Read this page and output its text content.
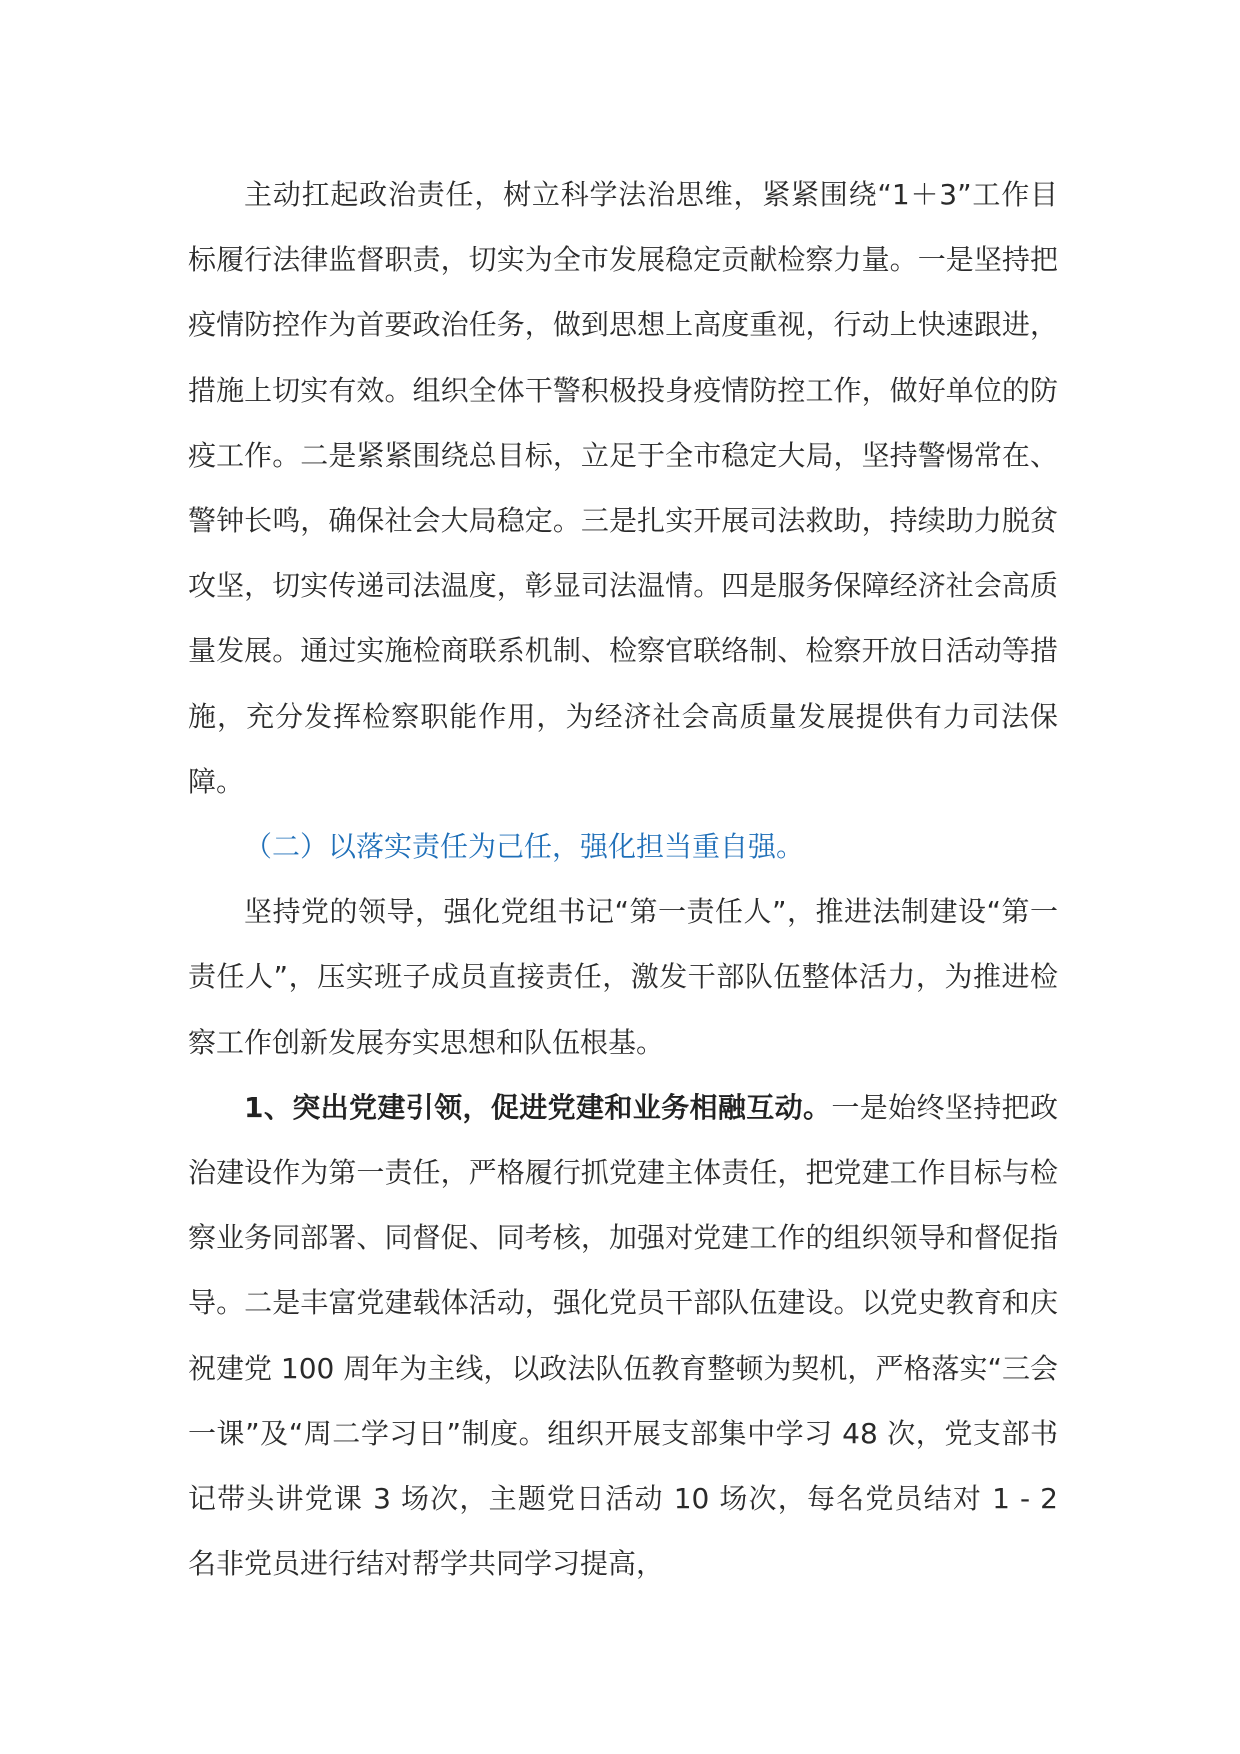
主动扛起政治责任，树立科学法治思维，紧紧围绕“1＋3”工作目标履行法律监督职责，切实为全市发展稳定贡献检察力量。一是坚持把疫情防控作为首要政治任务，做到思想上高度重视，行动上快速跟进，措施上切实有效。组织全体干警积极投身疫情防控工作，做好单位的防疫工作。二是紧紧围绕总目标，立足于全市稳定大局，坚持警惕常在、警钟长鸣，确保社会大局稳定。三是扎实开展司法救助，持续助力脱贫攻坚，切实传递司法温度，彰显司法温情。四是服务保障经济社会高质量发展。通过实施检商联系机制、检察官联络制、检察开放日活动等措施，充分发挥检察职能作用，为经济社会高质量发展提供有力司法保障。

（二）以落实责任为己任，强化担当重自强。

坚持党的领导，强化党组书记“第一责任人”，推进法制建设“第一责任人”，压实班子成员直接责任，激发干部队伍整体活力，为推进检察工作创新发展夯实思想和队伍根基。

1、突出党建引领，促进党建和业务相融互动。一是始终坚持把政治建设作为第一责任，严格履行抓党建主体责任，把党建工作目标与检察业务同部署、同督促、同考核，加强对党建工作的组织领导和督促指导。二是丰富党建载体活动，强化党员干部队伍建设。以党史教育和庆祝建党 100 周年为主线，以政法队伍教育整顿为契机，严格落实“三会一课”及“周二学习日”制度。组织开展支部集中学习 48 次，党支部书记带头讲党课 3 场次，主题党日活动 10 场次，每名党员结对 1 - 2 名非党员进行结对帮学共同学习提高，
